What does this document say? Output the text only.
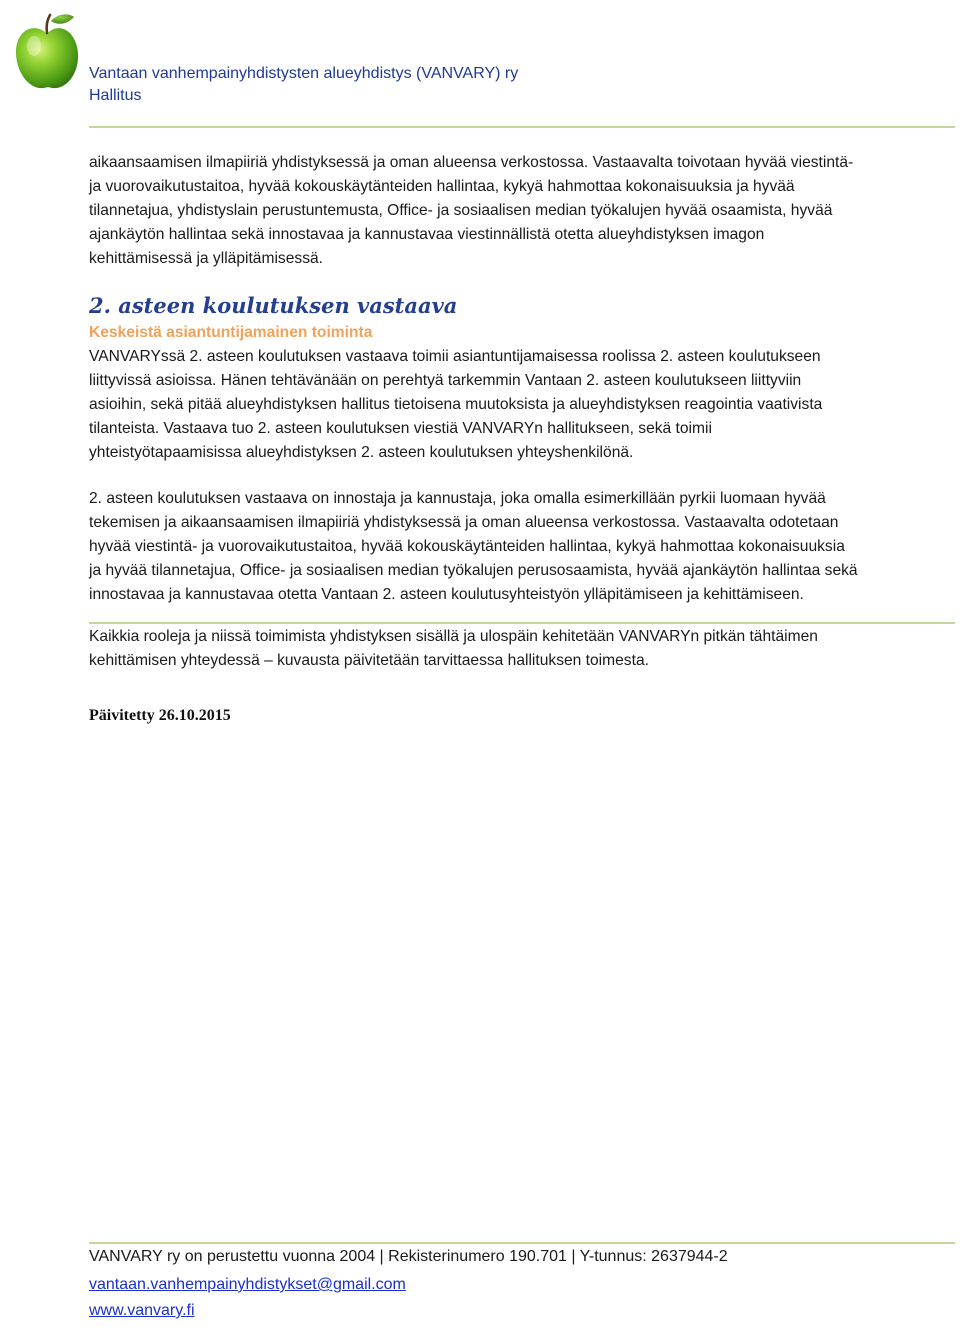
Vantaan vanhempainyhdistysten alueyhdistys (VANVARY) ry
Hallitus
aikaansaamisen ilmapiiriä yhdistyksessä ja oman alueensa verkostossa. Vastaavalta toivotaan hyvää viestintä-
ja vuorovaikutustaitoa, hyvää kokouskäytänteiden hallintaa, kykyä hahmottaa kokonaisuuksia ja hyvää
tilannetajua, yhdistyslain perustuntemusta, Office- ja sosiaalisen median työkalujen hyvää osaamista, hyvää
ajankäytön hallintaa sekä innostavaa ja kannustavaa viestinnällistä otetta alueyhdistyksen imagon
kehittämisessä ja ylläpitämisessä.
2. asteen koulutuksen vastaava
Keskeistä asiantuntijamainen toiminta
VANVARYssä 2. asteen koulutuksen vastaava toimii asiantuntijamaisessa roolissa 2. asteen koulutukseen
liittyvissä asioissa. Hänen tehtävänään on perehtyä tarkemmin Vantaan 2. asteen koulutukseen liittyviin
asioihin, sekä pitää alueyhdistyksen hallitus tietoisena muutoksista ja alueyhdistyksen reagointia vaativista
tilanteista. Vastaava tuo 2. asteen koulutuksen viestiä VANVARYn hallitukseen, sekä toimii
yhteistyötapaamisissa alueyhdistyksen 2. asteen koulutuksen yhteyshenkilönä.
2. asteen koulutuksen vastaava on innostaja ja kannustaja, joka omalla esimerkillään pyrkii luomaan hyvää
tekemisen ja aikaansaamisen ilmapiiriä yhdistyksessä ja oman alueensa verkostossa. Vastaavalta odotetaan
hyvää viestintä- ja vuorovaikutustaitoa, hyvää kokouskäytänteiden hallintaa, kykyä hahmottaa kokonaisuuksia
ja hyvää tilannetajua, Office- ja sosiaalisen median työkalujen perusosaamista, hyvää ajankäytön hallintaa sekä
innostavaa ja kannustavaa otetta Vantaan 2. asteen koulutusyhteistyön ylläpitämiseen ja kehittämiseen.
Kaikkia rooleja ja niissä toimimista yhdistyksen sisällä ja ulospäin kehitetään VANVARYn pitkän tähtäimen
kehittämisen yhteydessä – kuvausta päivitetään tarvittaessa hallituksen toimesta.
Päivitetty 26.10.2015
VANVARY ry on perustettu vuonna 2004 | Rekisterinumero 190.701 | Y-tunnus: 2637944-2
vantaan.vanhempainyhdistykset@gmail.com
www.vanvary.fi
